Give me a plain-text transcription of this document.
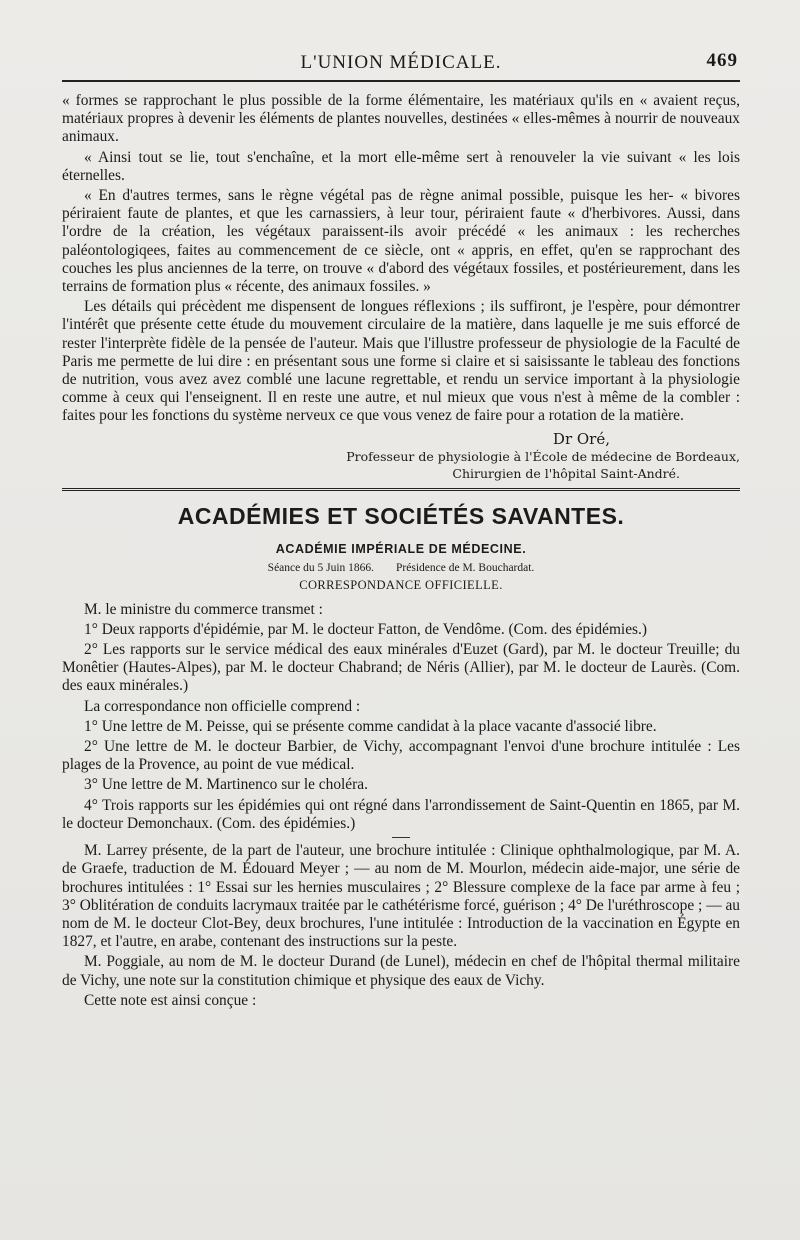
L'UNION MÉDICALE.	469

« formes se rapprochant le plus possible de la forme élémentaire, les matériaux qu'ils en « avaient reçus, matériaux propres à devenir les éléments de plantes nouvelles, destinées « elles-mêmes à nourrir de nouveaux animaux.

« Ainsi tout se lie, tout s'enchaîne, et la mort elle-même sert à renouveler la vie suivant « les lois éternelles.

« En d'autres termes, sans le règne végétal pas de règne animal possible, puisque les her- « bivores périraient faute de plantes, et que les carnassiers, à leur tour, périraient faute « d'herbivores. Aussi, dans l'ordre de la création, les végétaux paraissent-ils avoir précédé « les animaux : les recherches paléontologiqees, faites au commencement de ce siècle, ont « appris, en effet, qu'en se rapprochant des couches les plus anciennes de la terre, on trouve « d'abord des végétaux fossiles, et postérieurement, dans les terrains de formation plus « récente, des animaux fossiles. »

Les détails qui précèdent me dispensent de longues réflexions ; ils suffiront, je l'espère, pour démontrer l'intérêt que présente cette étude du mouvement circulaire de la matière, dans laquelle je me suis efforcé de rester l'interprète fidèle de la pensée de l'auteur. Mais que l'illustre professeur de physiologie de la Faculté de Paris me permette de lui dire : en présentant sous une forme si claire et si saisissante le tableau des fonctions de nutrition, vous avez avez comblé une lacune regrettable, et rendu un service important à la physiologie comme à ceux qui l'enseignent. Il en reste une autre, et nul mieux que vous n'est à même de la combler : faites pour les fonctions du système nerveux ce que vous venez de faire pour a rotation de la matière.

Dr Oré,
Professeur de physiologie à l'École de médecine de Bordeaux,
Chirurgien de l'hôpital Saint-André.
ACADÉMIES ET SOCIÉTÉS SAVANTES.
ACADÉMIE IMPÉRIALE DE MÉDECINE.
Séance du 5 Juin 1866. Présidence de M. Bouchardat.
CORRESPONDANCE OFFICIELLE.

M. le ministre du commerce transmet :

1° Deux rapports d'épidémie, par M. le docteur Fatton, de Vendôme. (Com. des épidémies.)

2° Les rapports sur le service médical des eaux minérales d'Euzet (Gard), par M. le docteur Treuille; du Monêtier (Hautes-Alpes), par M. le docteur Chabrand; de Néris (Allier), par M. le docteur de Laurès. (Com. des eaux minérales.)

La correspondance non officielle comprend :

1° Une lettre de M. Peisse, qui se présente comme candidat à la place vacante d'associé libre.

2° Une lettre de M. le docteur Barbier, de Vichy, accompagnant l'envoi d'une brochure intitulée : Les plages de la Provence, au point de vue médical.

3° Une lettre de M. Martinenco sur le choléra.

4° Trois rapports sur les épidémies qui ont régné dans l'arrondissement de Saint-Quentin en 1865, par M. le docteur Demonchaux. (Com. des épidémies.)

M. Larrey présente, de la part de l'auteur, une brochure intitulée : Clinique ophthalmologique, par M. A. de Graefe, traduction de M. Édouard Meyer ; — au nom de M. Mourlon, médecin aide-major, une série de brochures intitulées : 1° Essai sur les hernies musculaires ; 2° Blessure complexe de la face par arme à feu ; 3° Oblitération de conduits lacrymaux traitée par le cathétérisme forcé, guérison ; 4° De l'uréthroscope ; — au nom de M. le docteur Clot-Bey, deux brochures, l'une intitulée : Introduction de la vaccination en Égypte en 1827, et l'autre, en arabe, contenant des instructions sur la peste.

M. Poggiale, au nom de M. le docteur Durand (de Lunel), médecin en chef de l'hôpital thermal militaire de Vichy, une note sur la constitution chimique et physique des eaux de Vichy.

Cette note est ainsi conçue :
